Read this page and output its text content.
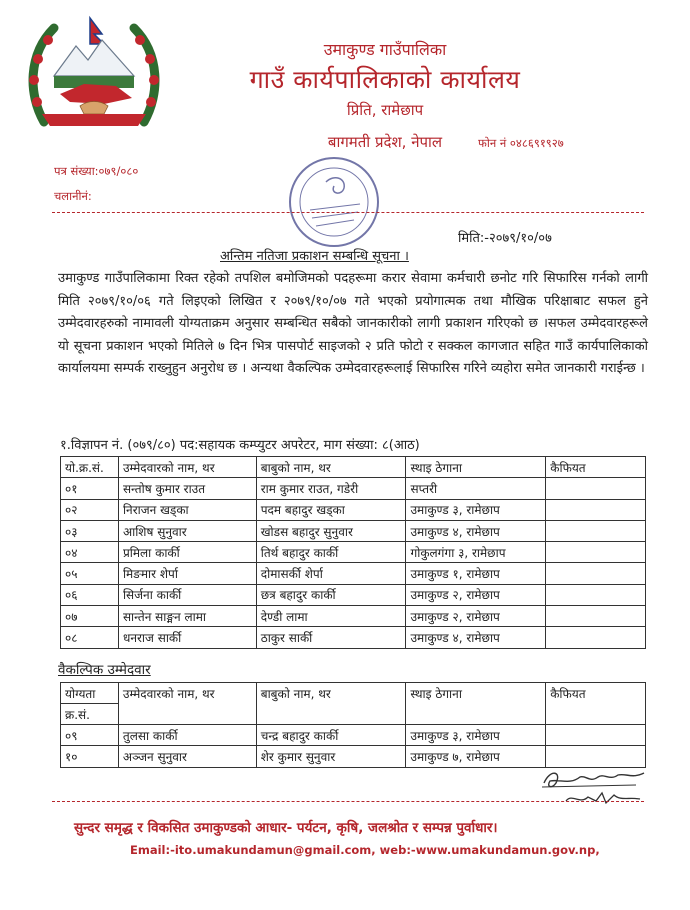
उमाकुण्ड गाउँपालिका
गाउँ कार्यपालिकाको कार्यालय
प्रिति, रामेछाप
बागमती प्रदेश, नेपाल	फोन नं ०४८६९१९२७
पत्र संख्या:०७९/०८०
चलानीनं:
मिति:-२०७९/१०/०७
अन्तिम नतिजा प्रकाशन सम्बन्धि सूचना ।

उमाकुण्ड गाउँपालिकामा रिक्त रहेको तपशिल बमोजिमको पदहरूमा करार सेवामा कर्मचारी छनोट गरि सिफारिस गर्नको लागी मिति २०७९/१०/०६ गते लिइएको लिखित र २०७९/१०/०७ गते भएको प्रयोगात्मक तथा मौखिक परिक्षाबाट सफल हुने उम्मेदवारहरुको नामावली योग्यताक्रम अनुसार सम्बन्धित सबैको जानकारीको लागी प्रकाशन गरिएको छ ।सफल उम्मेदवारहरूले यो सूचना प्रकाशन भएको मितिले ७ दिन भित्र पासपोर्ट साइजको २ प्रति फोटो र सक्कल कागजात सहित गाउँ कार्यपालिकाको कार्यालयमा सम्पर्क राख्नुहुन अनुरोध छ । अन्यथा वैकल्पिक उम्मेदवारहरूलाई सिफारिस गरिने व्यहोरा समेत जानकारी गराईन्छ ।

१.विज्ञापन नं. (०७९/८०) पद:सहायक कम्प्युटर अपरेटर, माग संख्या: ८(आठ)
यो.क्र.सं.	उम्मेदवारको नाम, थर	बाबुको नाम, थर	स्थाइ ठेगाना	कैफियत
०१	सन्तोष कुमार राउत	राम कुमार राउत, गडेरी	सप्तरी	
०२	निराजन खड्का	पदम बहादुर खड्का	उमाकुण्ड ३, रामेछाप	
०३	आशिष सुनुवार	खोडस बहादुर सुनुवार	उमाकुण्ड ४, रामेछाप	
०४	प्रमिला कार्की	तिर्थ बहादुर कार्की	गोकुलगंगा ३, रामेछाप	
०५	मिङमार शेर्पा	दोमासर्की शेर्पा	उमाकुण्ड १, रामेछाप	
०६	सिर्जना कार्की	छत्र बहादुर कार्की	उमाकुण्ड २, रामेछाप	
०७	सान्तेन साङ्मन लामा	देण्डी लामा	उमाकुण्ड २, रामेछाप	
०८	धनराज सार्की	ठाकुर सार्की	उमाकुण्ड ४, रामेछाप	
वैकल्पिक उम्मेदवार
योग्यता	उम्मेदवारको नाम, थर	बाबुको नाम, थर	स्थाइ ठेगाना	कैफियत
क्र.सं.				
०९	तुलसा कार्की	चन्द्र बहादुर कार्की	उमाकुण्ड ३, रामेछाप	
१०	अञ्जन सुनुवार	शेर कुमार सुनुवार	उमाकुण्ड ७, रामेछाप	
सुन्दर समृद्ध र विकसित उमाकुण्डको आधार- पर्यटन, कृषि, जलश्रोत र सम्पन्न पुर्वाधार।
Email:-ito.umakundamun@gmail.com, web:-www.umakundamun.gov.np,
